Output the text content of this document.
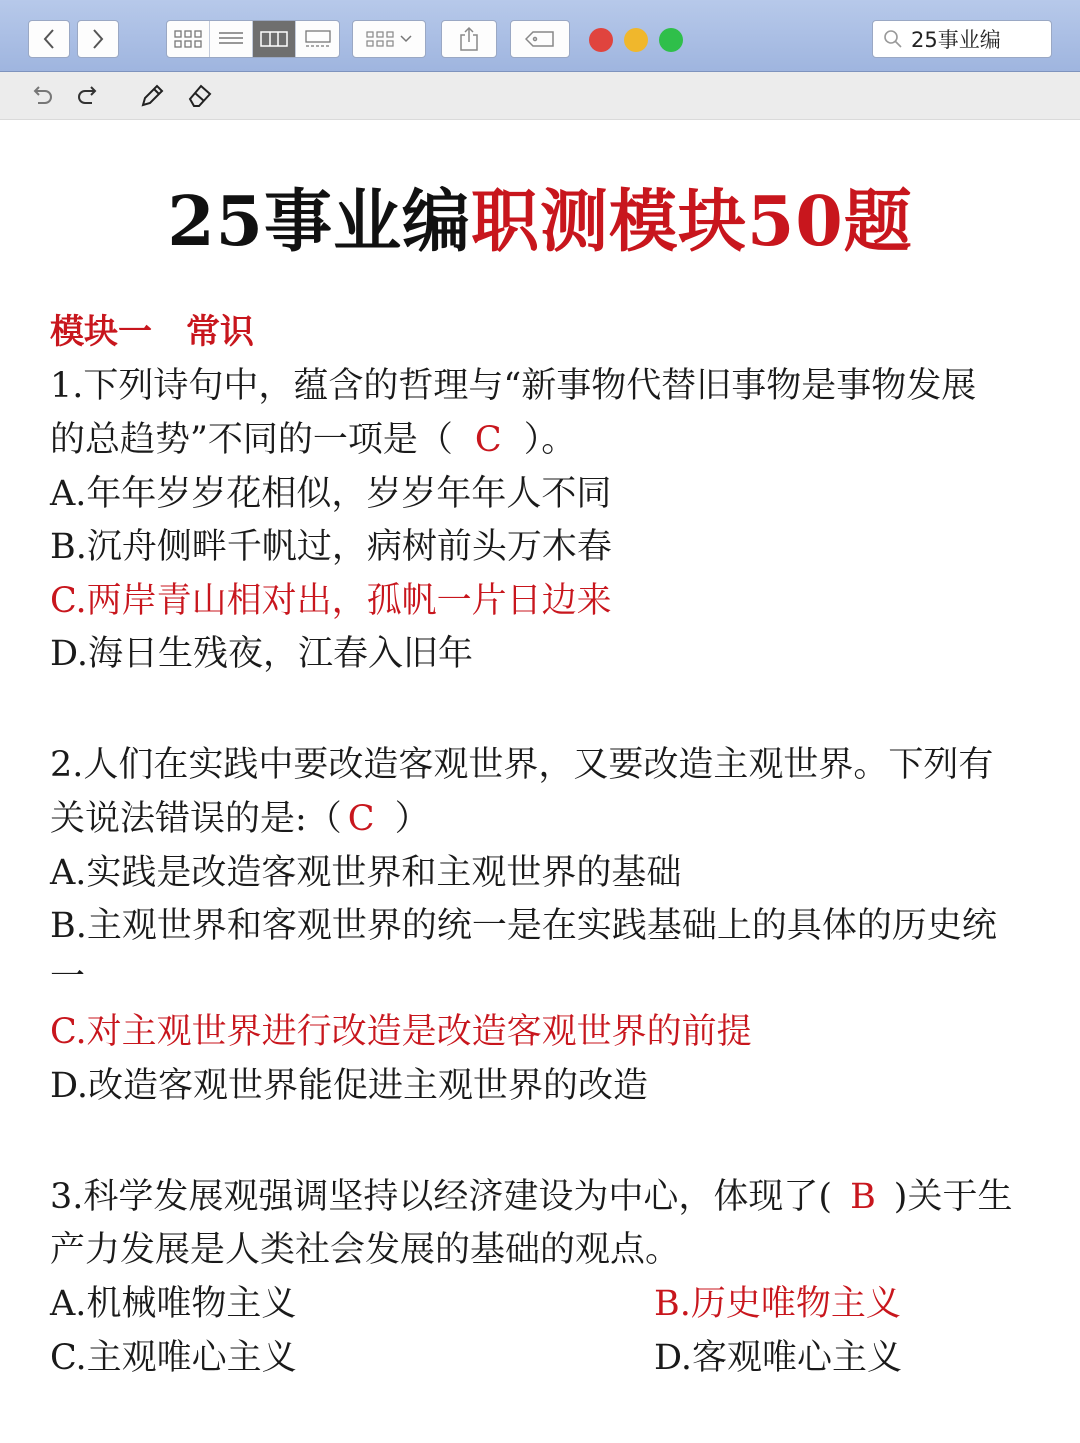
25事业编
25事业编职测模块50题
模块一　常识
1.下列诗句中，蕴含的哲理与“新事物代替旧事物是事物发展
的总趋势”不同的一项是（ C ）。
A.年年岁岁花相似，岁岁年年人不同
B.沉舟侧畔千帆过，病树前头万木春
C.两岸青山相对出，孤帆一片日边来
D.海日生残夜，江春入旧年
2.人们在实践中要改造客观世界，又要改造主观世界。下列有
关说法错误的是:（ C ）
A.实践是改造客观世界和主观世界的基础
B.主观世界和客观世界的统一是在实践基础上的具体的历史统
一
C.对主观世界进行改造是改造客观世界的前提
D.改造客观世界能促进主观世界的改造
3.科学发展观强调坚持以经济建设为中心，体现了( B )关于生
产力发展是人类社会发展的基础的观点。
A.机械唯物主义	B.历史唯物主义
C.主观唯心主义	D.客观唯心主义
